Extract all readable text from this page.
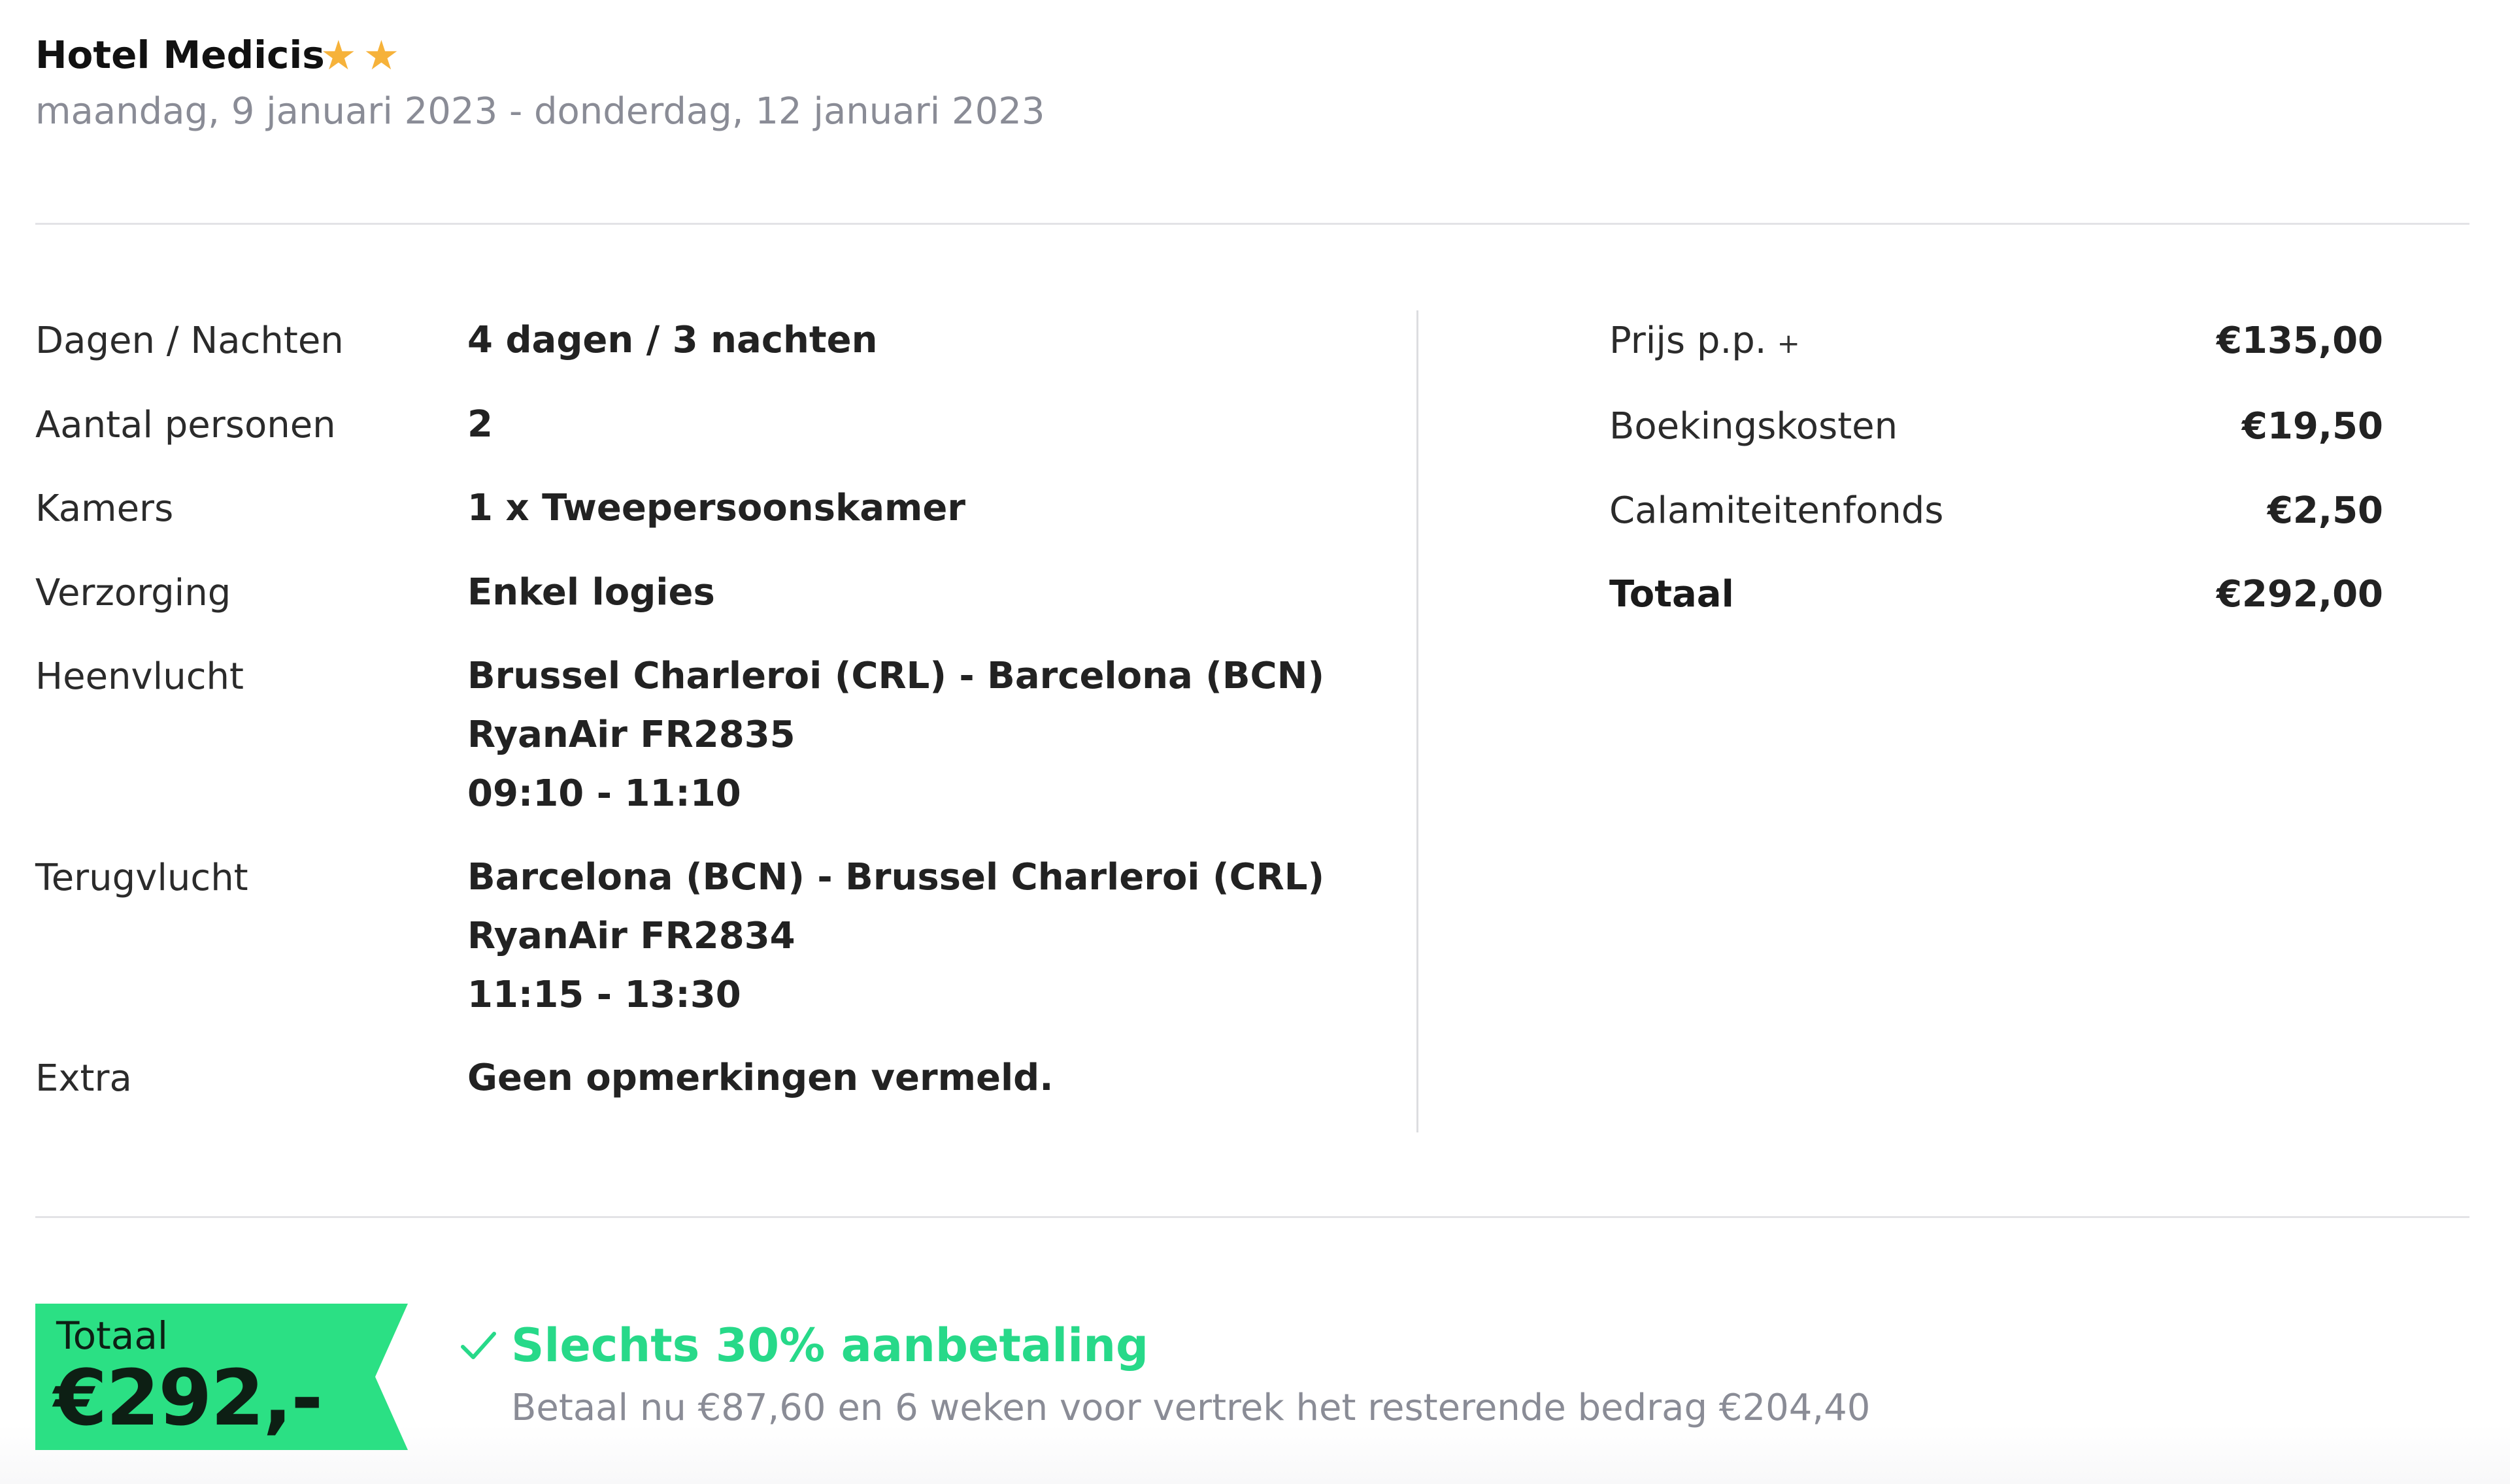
Hotel Medicis
★ ★
maandag, 9 januari 2023 - donderdag, 12 januari 2023
Dagen / Nachten	4 dagen / 3 nachten
Aantal personen	2
Kamers	1 x Tweepersoonskamer
Verzorging	Enkel logies
Heenvlucht	Brussel Charleroi (CRL) - Barcelona (BCN)
RyanAir FR2835
09:10 - 11:10
Terugvlucht	Barcelona (BCN) - Brussel Charleroi (CRL)
RyanAir FR2834
11:15 - 13:30
Extra	Geen opmerkingen vermeld.
Prijs p.p. +	€135,00
Boekingskosten	€19,50
Calamiteitenfonds	€2,50
Totaal	€292,00
Totaal
€292,-
Slechts 30% aanbetaling
Betaal nu €87,60 en 6 weken voor vertrek het resterende bedrag €204,40
